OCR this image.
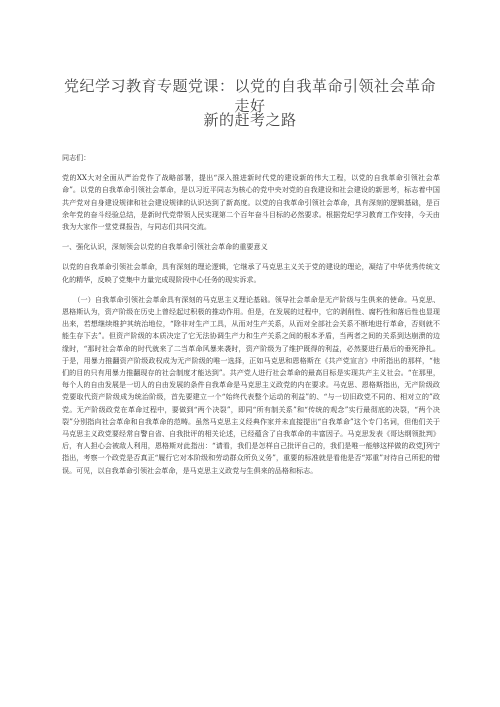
党纪学习教育专题党课：以党的自我革命引领社会革命走好
新的赶考之路

同志们：

党的XX大对全面从严治党作了战略部署，提出“深入推进新时代党的建设新的伟大工程，以党的自我革命引领社会革命”。以党的自我革命引领社会革命，是以习近平同志为核心的党中央对党的自我建设和社会建设的新思考，标志着中国共产党对自身建设规律和社会建设规律的认识达到了新高度。以党的自我革命引领社会革命，具有深刻的逻辑基础，是百余年党的奋斗经验总结，是新时代党带领人民实现第二个百年奋斗目标的必然要求。根据党纪学习教育工作安排，今天由我为大家作一堂党课报告，与同志们共同交流。

一、强化认识，深刻领会以党的自我革命引领社会革命的重要意义

以党的自我革命引领社会革命，具有深刻的理论逻辑，它继承了马克思主义关于党的建设的理论，凝结了中华优秀传统文化的精华，反映了党集中力量完成现阶段中心任务的现实诉求。

（一）自我革命引领社会革命具有深刻的马克思主义理论基础。领导社会革命是无产阶级与生俱来的使命。马克思、恩格斯认为，资产阶级在历史上曾经起过积极的推动作用。但是，在发展的过程中，它的剥削性、腐朽性和落后性也显现出来，若想继续维护其统治地位，“除非对生产工具，从而对生产关系，从而对全部社会关系不断地进行革命，否则就不能生存下去”。但资产阶级的本质决定了它无法协调生产力和生产关系之间的根本矛盾，当两者之间的关系到达崩溃的边缘时，“那时社会革命的时代就来了二当革命风暴来袭时，资产阶级为了维护既得的利益，必然要进行最后的垂死挣扎。于是，用暴力推翻资产阶级政权成为无产阶级的唯一选择，正如马克思和恩格斯在《共产党宣言》中所指出的那样，“他们的目的只有用暴力推翻现存的社会制度才能达到”。共产党人进行社会革命的最高目标是实现共产主义社会。“在那里，每个人的自由发展是一切人的自由发展的条件自我革命是马克思主义政党的内在要求。马克思、恩格斯指出，无产阶级政党要取代资产阶级成为统治阶级，首先要建立一个“始终代表整个运动的利益”的、“与一切旧政党不同的、相对立的”政党。无产阶级政党在革命过程中，要做到“两个决裂”，即同“所有制关系”和“传统的观念”实行最彻底的决裂，“两个决裂”分别指向社会革命和自我革命的范畴。虽然马克思主义经典作家并未直接提出“自我革命”这个专门名词，但他们关于马克思主义政党要经常自警自省、自我批评的相关论述，已经蕴含了自我革命的丰富因子。马克思发表《哥达纲领批判》后，有人担心会被敌人利用，恩格斯对此指出：“请看，我们是怎样自己批评自己的，我们是唯一能够这样做的政党J列宁指出，考察一个政党是否真正“履行它对本阶级和劳动群众所负义务”，重要的标准就是看他是否“郑重”对待自己所犯的错误。可见，以自我革命引领社会革命，是马克思主义政党与生俱来的品格和标志。
